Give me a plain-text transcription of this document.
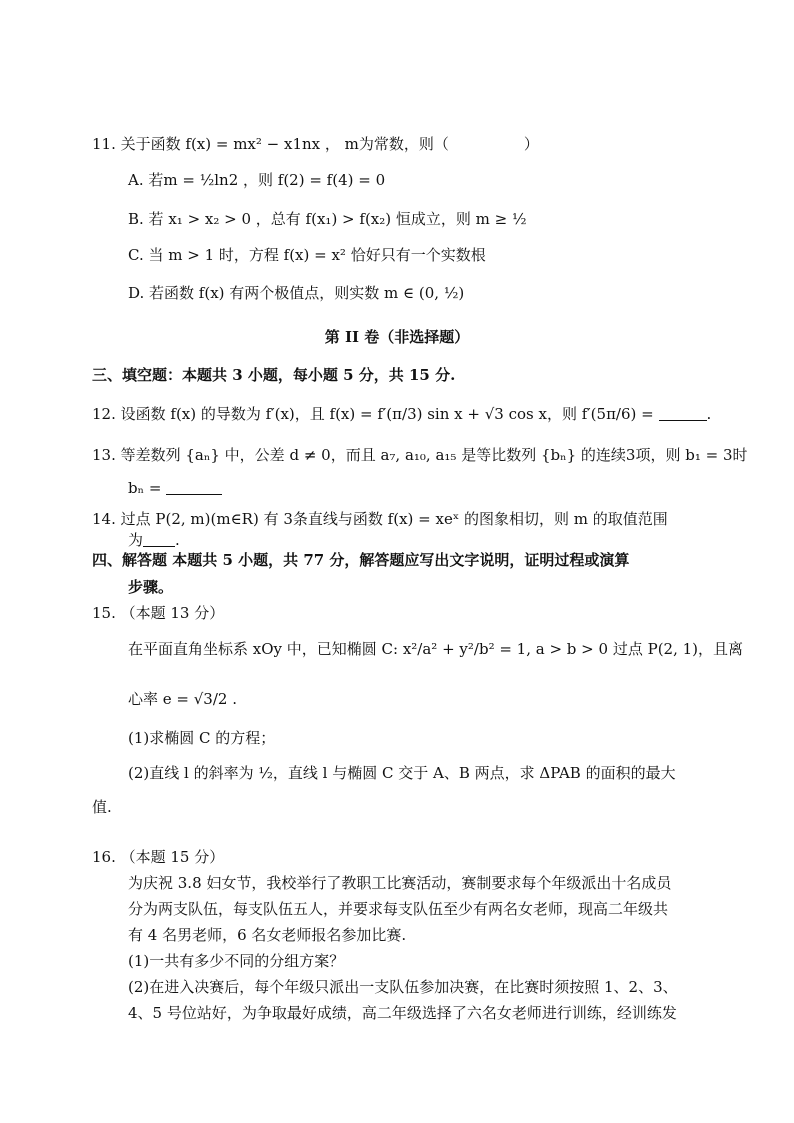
11. 关于函数 f(x) = mx² − x1nx ， m为常数，则（　　　　　）
A. 若m = ½ln2 ，则 f(2) = f(4) = 0
B. 若 x₁ > x₂ > 0 ，总有 f(x₁) > f(x₂) 恒成立，则 m ≥ ½
C. 当 m > 1 时，方程 f(x) = x² 恰好只有一个实数根
D. 若函数 f(x) 有两个极值点，则实数 m ∈ (0, ½)
第 II 卷（非选择题）
三、填空题：本题共 3 小题，每小题 5 分，共 15 分.
12. 设函数 f(x) 的导数为 f′(x)，且 f(x) = f′(π/3) sin x + √3 cos x，则 f′(5π/6) =	.
13. 等差数列 {aₙ} 中，公差 d ≠ 0，而且 a₇, a₁₀, a₁₅ 是等比数列 {bₙ} 的连续3项，则 b₁ = 3时
bₙ =
14. 过点 P(2, m)(m∈R) 有 3条直线与函数 f(x) = xeˣ 的图象相切，则 m 的取值范围
为 .
四、解答题 本题共 5 小题，共 77 分，解答题应写出文字说明，证明过程或演算
步骤。
15. （本题 13 分）
在平面直角坐标系 xOy 中，已知椭圆 C: x²/a² + y²/b² = 1, a > b > 0 过点 P(2, 1)，且离
心率 e = √3/2 .
(1)求椭圆 C 的方程；
(2)直线 l 的斜率为 ½，直线 l 与椭圆 C 交于 A、B 两点，求 ΔPAB 的面积的最大
值.
16. （本题 15 分）
为庆祝 3.8 妇女节，我校举行了教职工比赛活动，赛制要求每个年级派出十名成员
分为两支队伍，每支队伍五人，并要求每支队伍至少有两名女老师，现高二年级共
有 4 名男老师，6 名女老师报名参加比赛.
(1)一共有多少不同的分组方案？
(2)在进入决赛后，每个年级只派出一支队伍参加决赛，在比赛时须按照 1、2、3、
4、5 号位站好，为争取最好成绩，高二年级选择了六名女老师进行训练，经训练发
